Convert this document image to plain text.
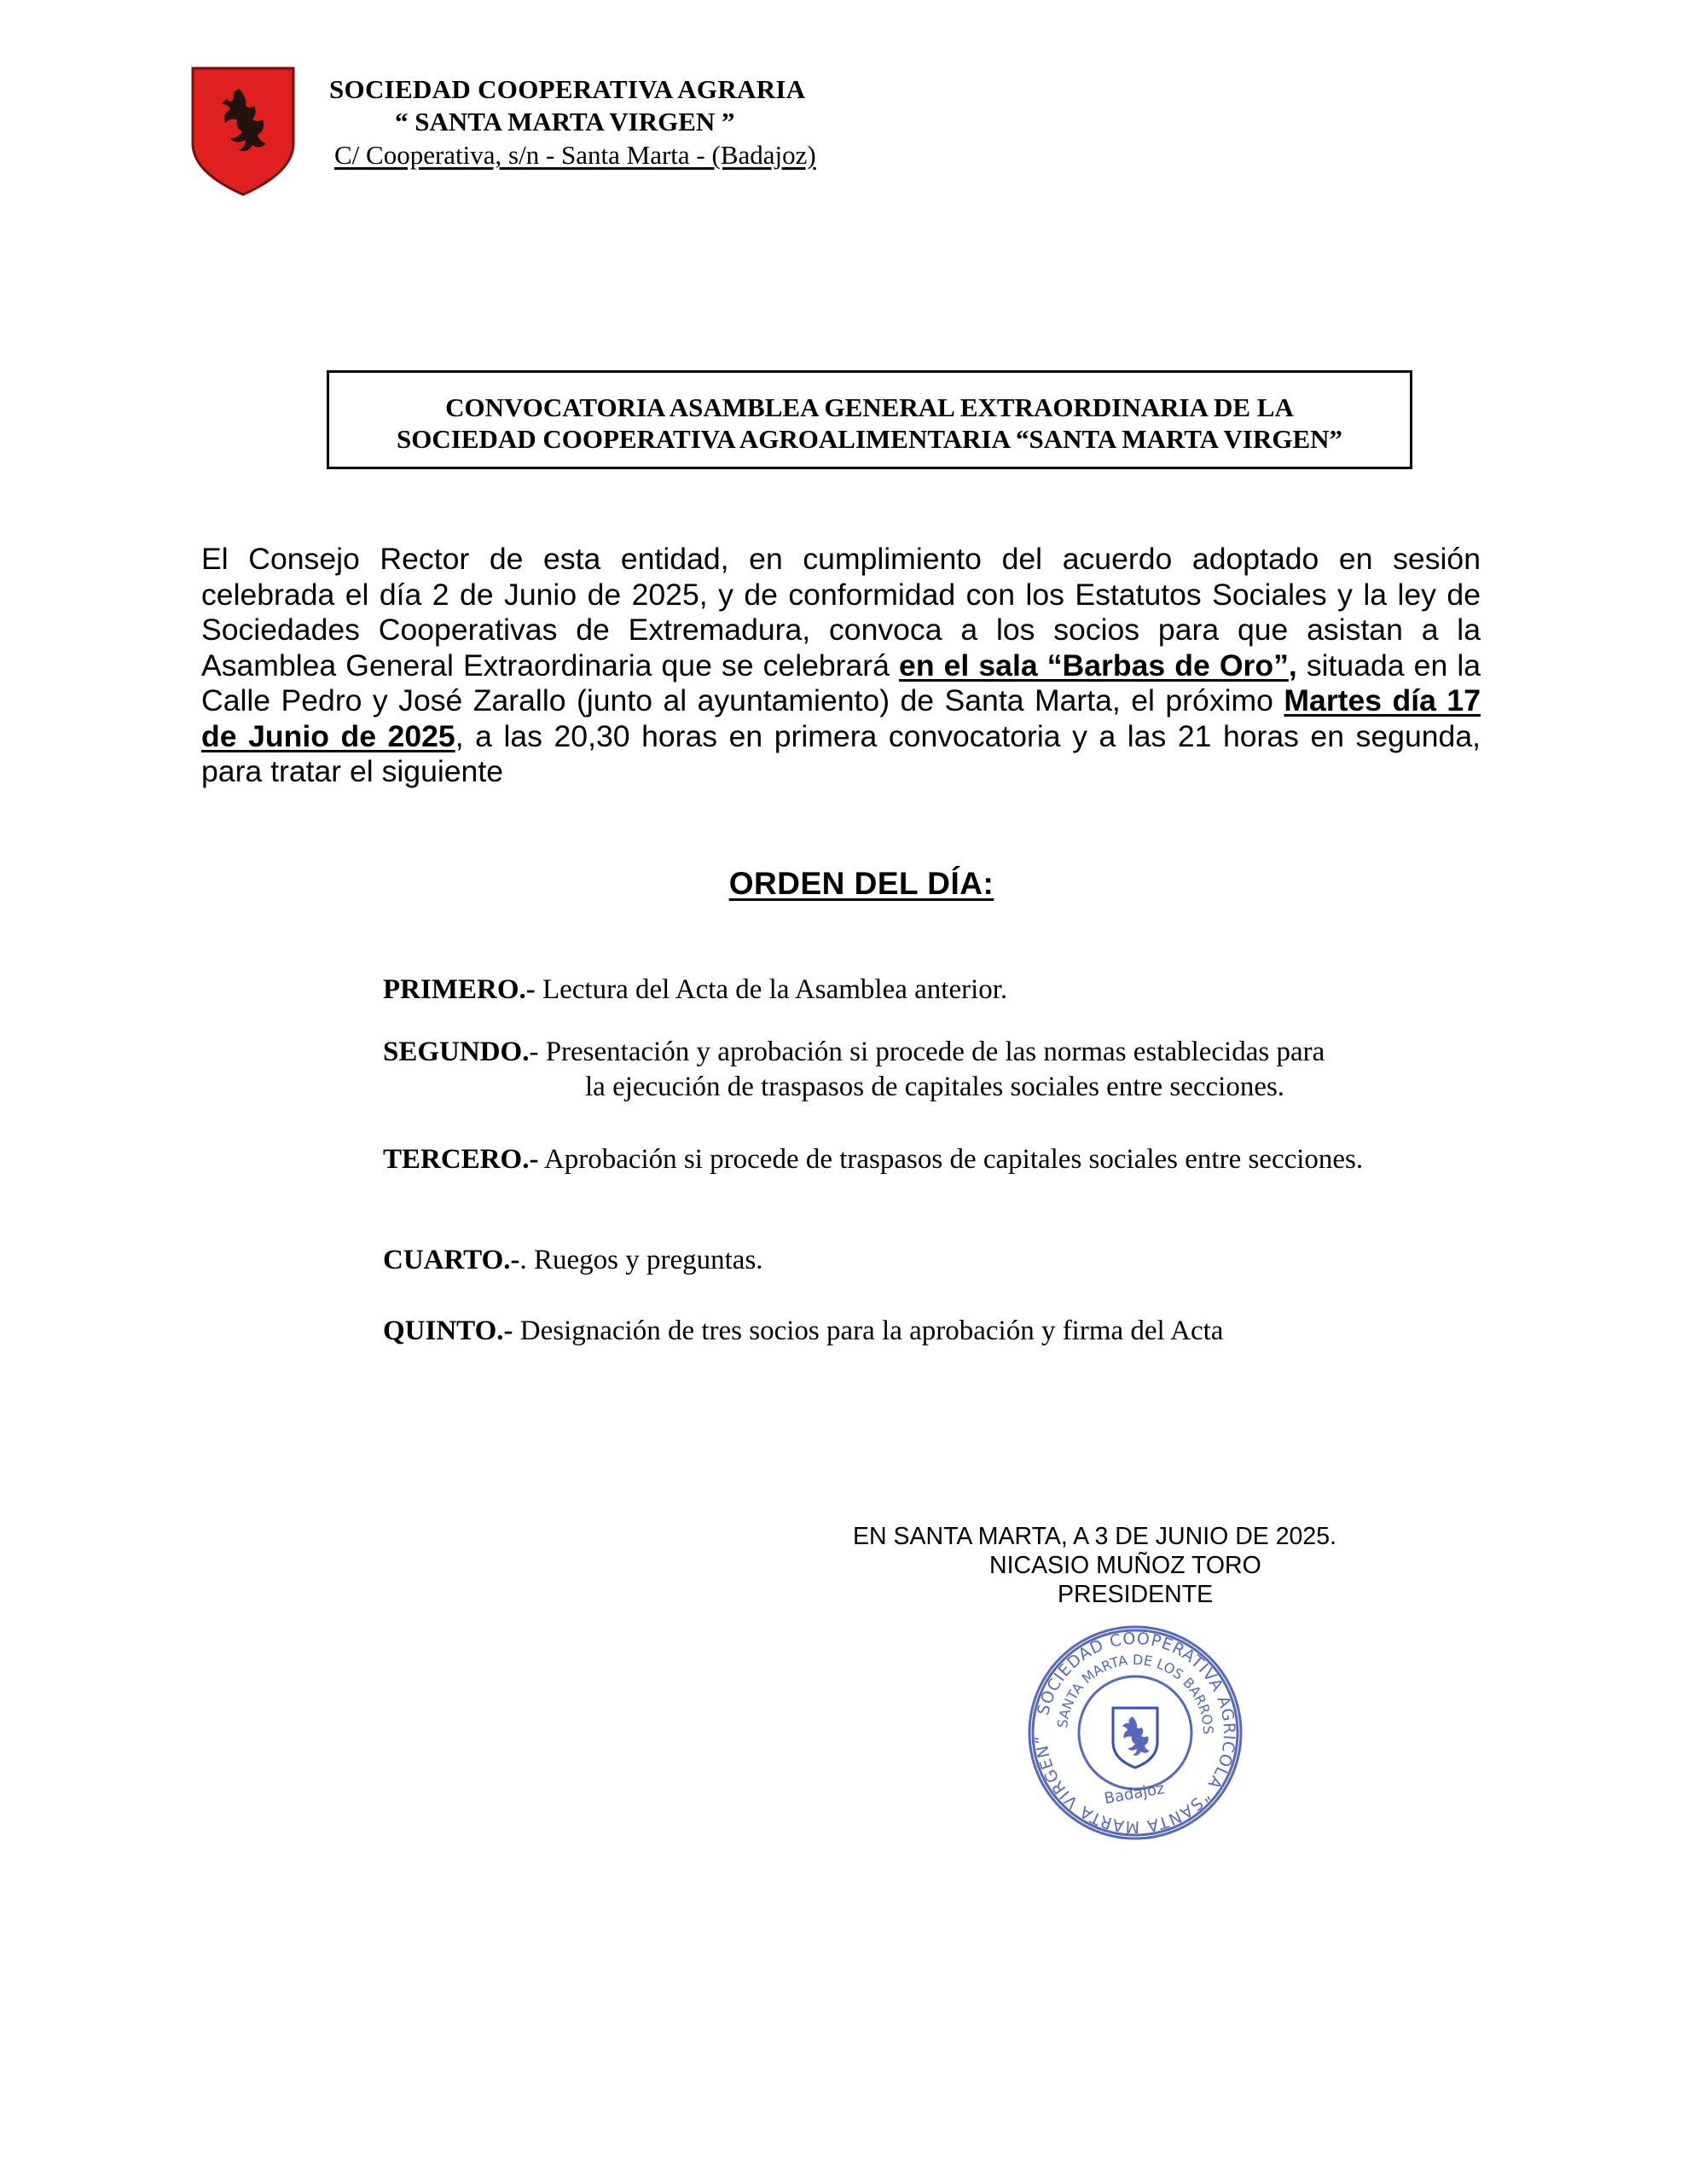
SOCIEDAD COOPERATIVA AGRARIA
“ SANTA MARTA VIRGEN ”
C/ Cooperativa, s/n - Santa Marta - (Badajoz)
CONVOCATORIA ASAMBLEA GENERAL EXTRAORDINARIA DE LA
SOCIEDAD COOPERATIVA AGROALIMENTARIA “SANTA MARTA VIRGEN”
El Consejo Rector de esta entidad, en cumplimiento del acuerdo adoptado en sesión celebrada el día 2 de Junio de 2025, y de conformidad con los Estatutos Sociales y la ley de Sociedades Cooperativas de Extremadura, convoca a los socios para que asistan a la Asamblea General Extraordinaria que se celebrará en el sala “Barbas de Oro”, situada en la Calle Pedro y José Zarallo (junto al ayuntamiento) de Santa Marta, el próximo Martes día 17 de Junio de 2025, a las 20,30 horas en primera convocatoria y a las 21 horas en segunda, para tratar el siguiente
ORDEN DEL DÍA:
PRIMERO.- Lectura del Acta de la Asamblea anterior.
SEGUNDO.- Presentación y aprobación si procede de las normas establecidas para
la ejecución de traspasos de capitales sociales entre secciones.
TERCERO.- Aprobación si procede de traspasos de capitales sociales entre secciones.
CUARTO.-. Ruegos y preguntas.
QUINTO.- Designación de tres socios para la aprobación y firma del Acta
EN SANTA MARTA, A 3 DE JUNIO DE 2025.
NICASIO MUÑOZ TORO
PRESIDENTE
SOCIEDAD COOPERATIVA AGRICOLA “SANTA MARTA VIRGEN”
SANTA MARTA DE LOS BARROS
Badajoz
